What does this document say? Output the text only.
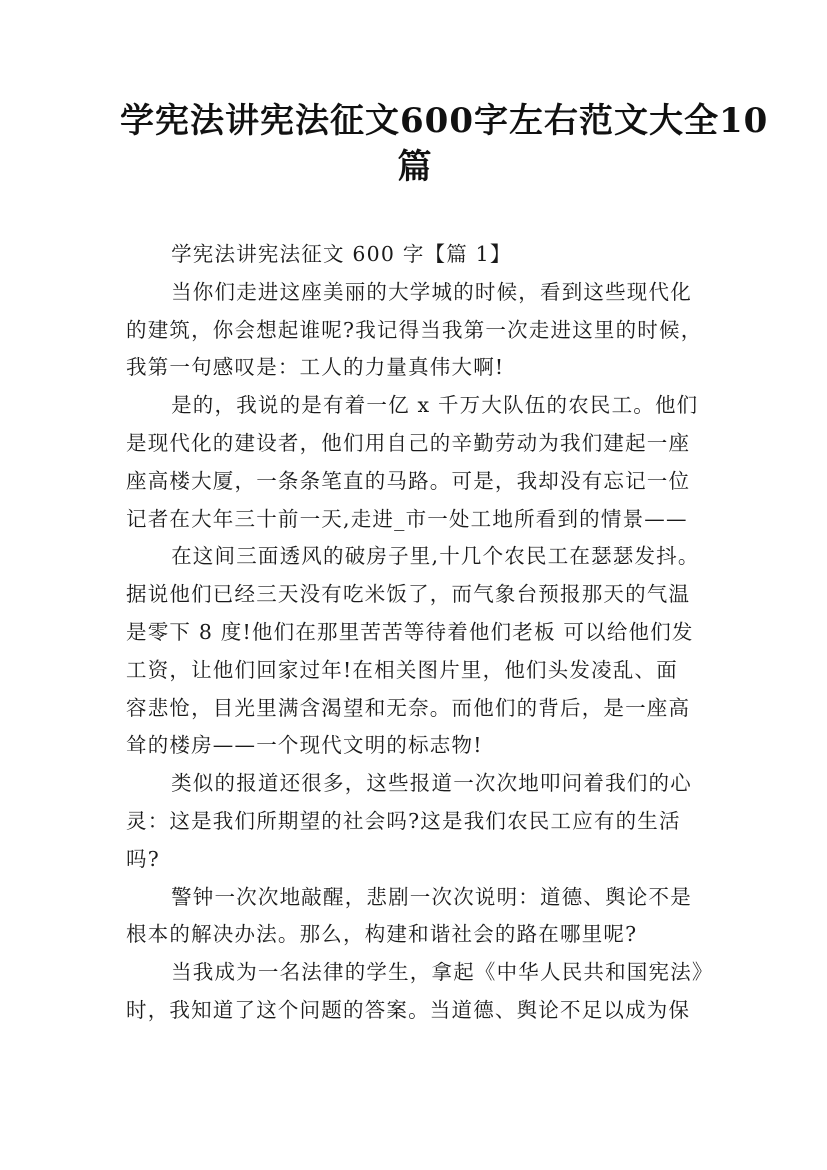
学宪法讲宪法征文600字左右范文大全10
篇

学宪法讲宪法征文 600 字【篇 1】

当你们走进这座美丽的大学城的时候，看到这些现代化
的建筑，你会想起谁呢?我记得当我第一次走进这里的时候，
我第一句感叹是：工人的力量真伟大啊!

是的，我说的是有着一亿 x 千万大队伍的农民工。他们
是现代化的建设者，他们用自己的辛勤劳动为我们建起一座
座高楼大厦，一条条笔直的马路。可是，我却没有忘记一位
记者在大年三十前一天,走进_市一处工地所看到的情景——

在这间三面透风的破房子里,十几个农民工在瑟瑟发抖。
据说他们已经三天没有吃米饭了，而气象台预报那天的气温
是零下 8 度!他们在那里苦苦等待着他们老板 可以给他们发
工资，让他们回家过年!在相关图片里，他们头发凌乱、面
容悲怆，目光里满含渴望和无奈。而他们的背后，是一座高
耸的楼房——一个现代文明的标志物!

类似的报道还很多，这些报道一次次地叩问着我们的心
灵：这是我们所期望的社会吗?这是我们农民工应有的生活
吗?

警钟一次次地敲醒，悲剧一次次说明：道德、舆论不是
根本的解决办法。那么，构建和谐社会的路在哪里呢?

当我成为一名法律的学生，拿起《中华人民共和国宪法》
时，我知道了这个问题的答案。当道德、舆论不足以成为保
